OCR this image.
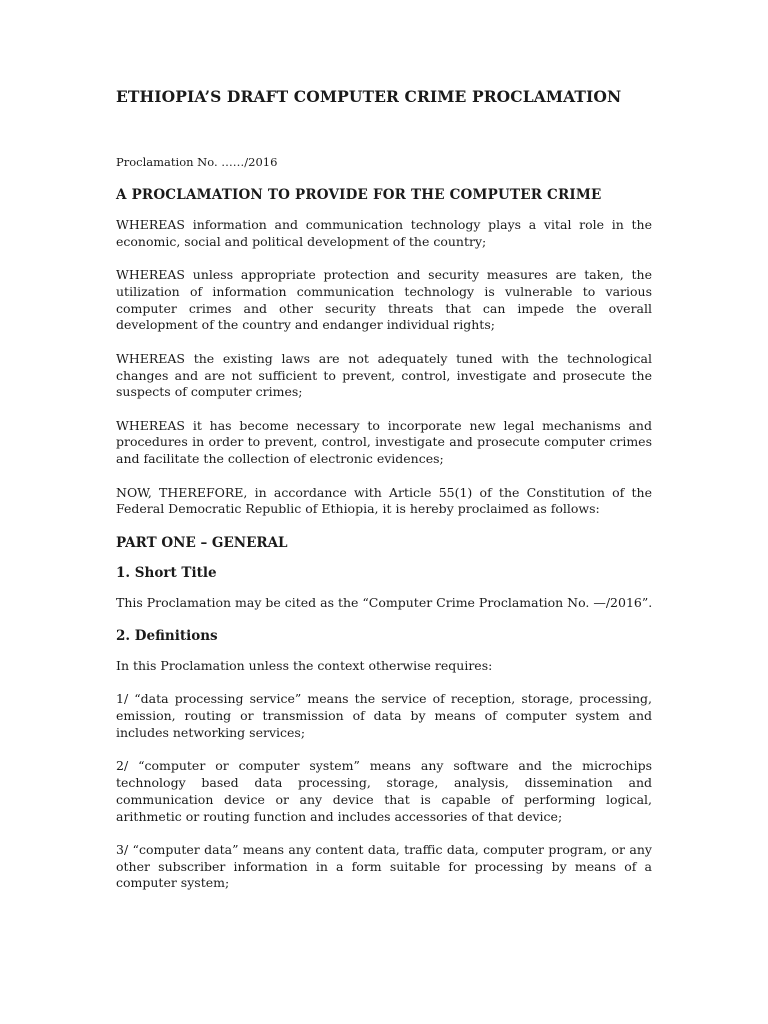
ETHIOPIA’S DRAFT COMPUTER CRIME PROCLAMATION

Proclamation No. ……/2016

A PROCLAMATION TO PROVIDE FOR THE COMPUTER CRIME

WHEREAS information and communication technology plays a vital role in the economic, social and political development of the country;

WHEREAS unless appropriate protection and security measures are taken, the utilization of information communication technology is vulnerable to various computer crimes and other security threats that can impede the overall development of the country and endanger individual rights;

WHEREAS the existing laws are not adequately tuned with the technological changes and are not sufficient to prevent, control, investigate and prosecute the suspects of computer crimes;

WHEREAS it has become necessary to incorporate new legal mechanisms and procedures in order to prevent, control, investigate and prosecute computer crimes and facilitate the collection of electronic evidences;

NOW, THEREFORE, in accordance with Article 55(1) of the Constitution of the Federal Democratic Republic of Ethiopia, it is hereby proclaimed as follows:

PART ONE – GENERAL
1. Short Title

This Proclamation may be cited as the “Computer Crime Proclamation No. —/2016”.

2. Definitions

In this Proclamation unless the context otherwise requires:

1/ “data processing service” means the service of reception, storage, processing, emission, routing or transmission of data by means of computer system and includes networking services;

2/ “computer or computer system” means any software and the microchips technology based data processing, storage, analysis, dissemination and communication device or any device that is capable of performing logical, arithmetic or routing function and includes accessories of that device;

3/ “computer data” means any content data, traffic data, computer program, or any other subscriber information in a form suitable for processing by means of a computer system;
